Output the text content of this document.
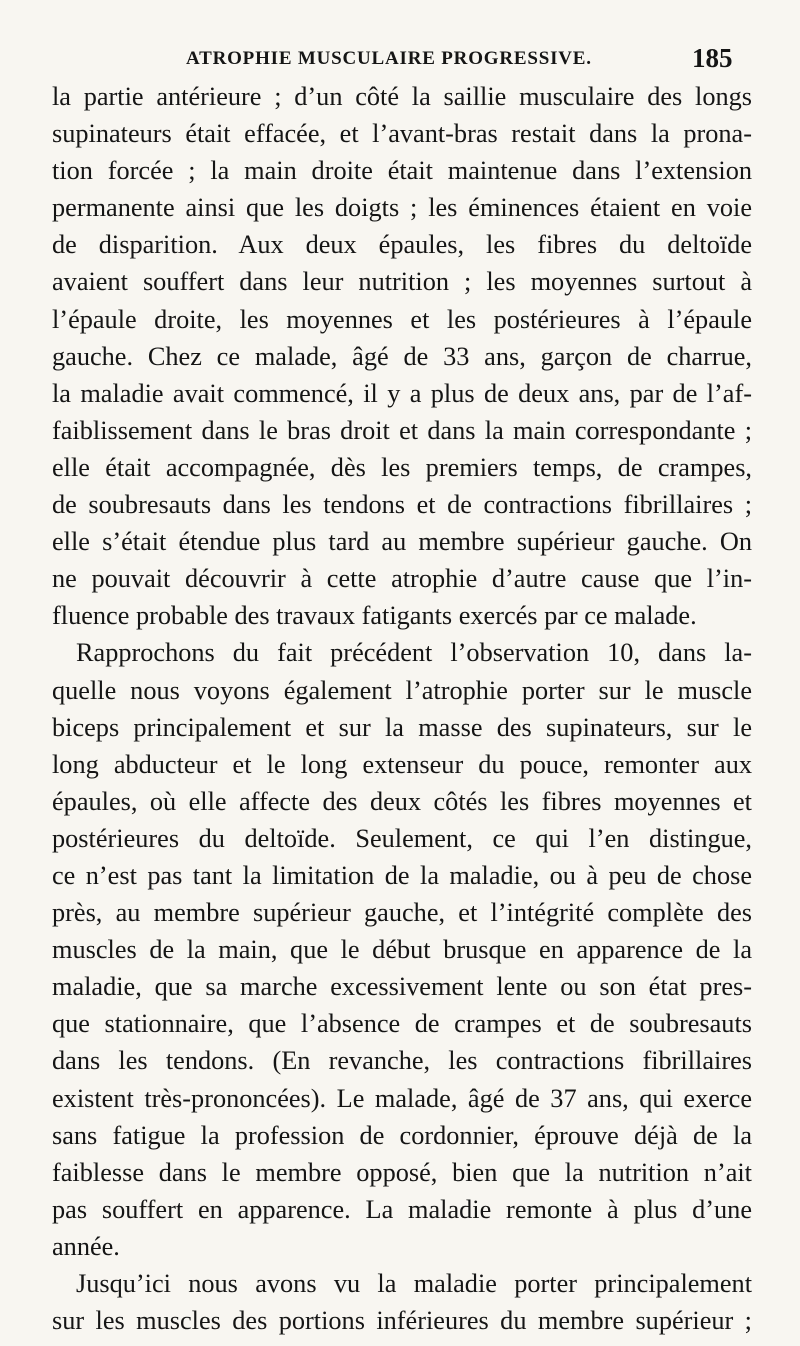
ATROPHIE MUSCULAIRE PROGRESSIVE.	185
la partie antérieure ; d’un côté la saillie musculaire des longs
supinateurs était effacée, et l’avant-bras restait dans la prona-
tion forcée ; la main droite était maintenue dans l’extension
permanente ainsi que les doigts ; les éminences étaient en voie
de disparition. Aux deux épaules, les fibres du deltoïde
avaient souffert dans leur nutrition ; les moyennes surtout à
l’épaule droite, les moyennes et les postérieures à l’épaule
gauche. Chez ce malade, âgé de 33 ans, garçon de charrue,
la maladie avait commencé, il y a plus de deux ans, par de l’af-
faiblissement dans le bras droit et dans la main correspondante ;
elle était accompagnée, dès les premiers temps, de crampes,
de soubresauts dans les tendons et de contractions fibrillaires ;
elle s’était étendue plus tard au membre supérieur gauche. On
ne pouvait découvrir à cette atrophie d’autre cause que l’in-
fluence probable des travaux fatigants exercés par ce malade.
Rapprochons du fait précédent l’observation 10, dans la-
quelle nous voyons également l’atrophie porter sur le muscle
biceps principalement et sur la masse des supinateurs, sur le
long abducteur et le long extenseur du pouce, remonter aux
épaules, où elle affecte des deux côtés les fibres moyennes et
postérieures du deltoïde. Seulement, ce qui l’en distingue,
ce n’est pas tant la limitation de la maladie, ou à peu de chose
près, au membre supérieur gauche, et l’intégrité complète des
muscles de la main, que le début brusque en apparence de la
maladie, que sa marche excessivement lente ou son état pres-
que stationnaire, que l’absence de crampes et de soubresauts
dans les tendons. (En revanche, les contractions fibrillaires
existent très-prononcées). Le malade, âgé de 37 ans, qui exerce
sans fatigue la profession de cordonnier, éprouve déjà de la
faiblesse dans le membre opposé, bien que la nutrition n’ait
pas souffert en apparence. La maladie remonte à plus d’une
année.
Jusqu’ici nous avons vu la maladie porter principalement
sur les muscles des portions inférieures du membre supérieur ;
